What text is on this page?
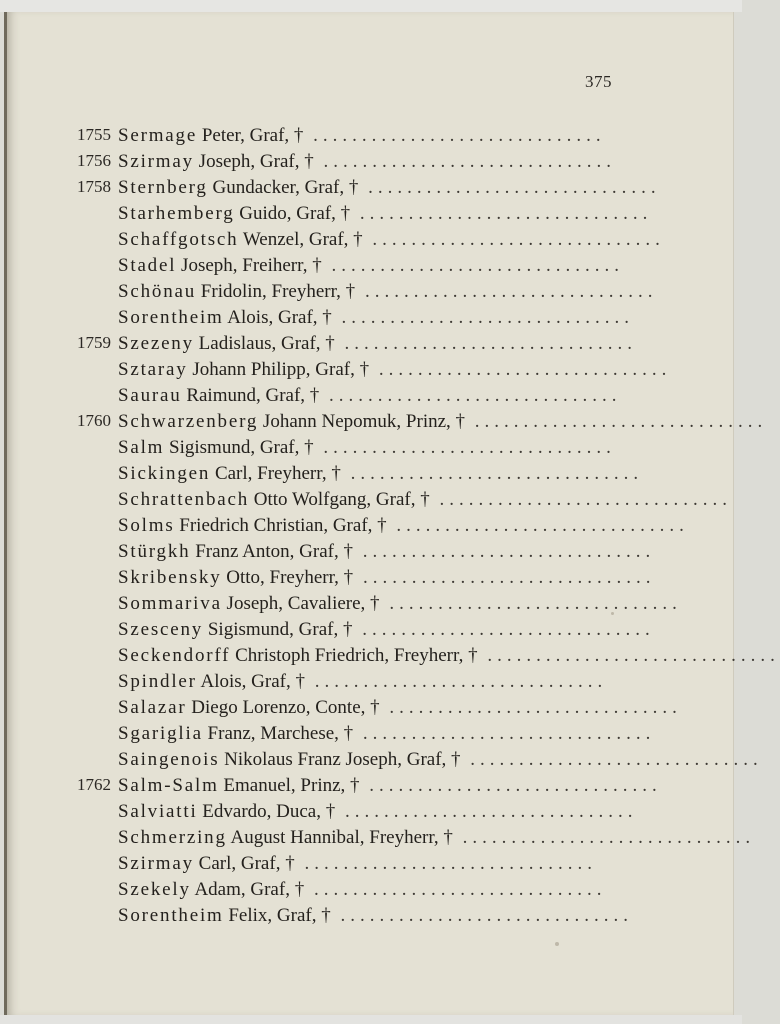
375
1755 Sermage Peter, Graf, † ..............................
1756 Szirmay Joseph, Graf, † ..............................
1758 Sternberg Gundacker, Graf, † ..............................
Starhemberg Guido, Graf, † ..............................
Schaffgotsch Wenzel, Graf, † ..............................
Stadel Joseph, Freiherr, † ..............................
Schönau Fridolin, Freyherr, † ..............................
Sorentheim Alois, Graf, † ..............................
1759 Szezeny Ladislaus, Graf, † ..............................
Sztaray Johann Philipp, Graf, † ..............................
Saurau Raimund, Graf, † ..............................
1760 Schwarzenberg Johann Nepomuk, Prinz, † ..............................
Salm Sigismund, Graf, † ..............................
Sickingen Carl, Freyherr, † ..............................
Schrattenbach Otto Wolfgang, Graf, † ..............................
Solms Friedrich Christian, Graf, † ..............................
Stürgkh Franz Anton, Graf, † ..............................
Skribensky Otto, Freyherr, † ..............................
Sommariva Joseph, Cavaliere, † ..............................
Szesceny Sigismund, Graf, † ..............................
Seckendorff Christoph Friedrich, Freyherr, † ..............................
Spindler Alois, Graf, † ..............................
Salazar Diego Lorenzo, Conte, † ..............................
Sgariglia Franz, Marchese, † ..............................
Saingenois Nikolaus Franz Joseph, Graf, † ..............................
1762 Salm-Salm Emanuel, Prinz, † ..............................
Salviatti Edvardo, Duca, † ..............................
Schmerzing August Hannibal, Freyherr, † ..............................
Szirmay Carl, Graf, † ..............................
Szekely Adam, Graf, † ..............................
Sorentheim Felix, Graf, † ..............................
